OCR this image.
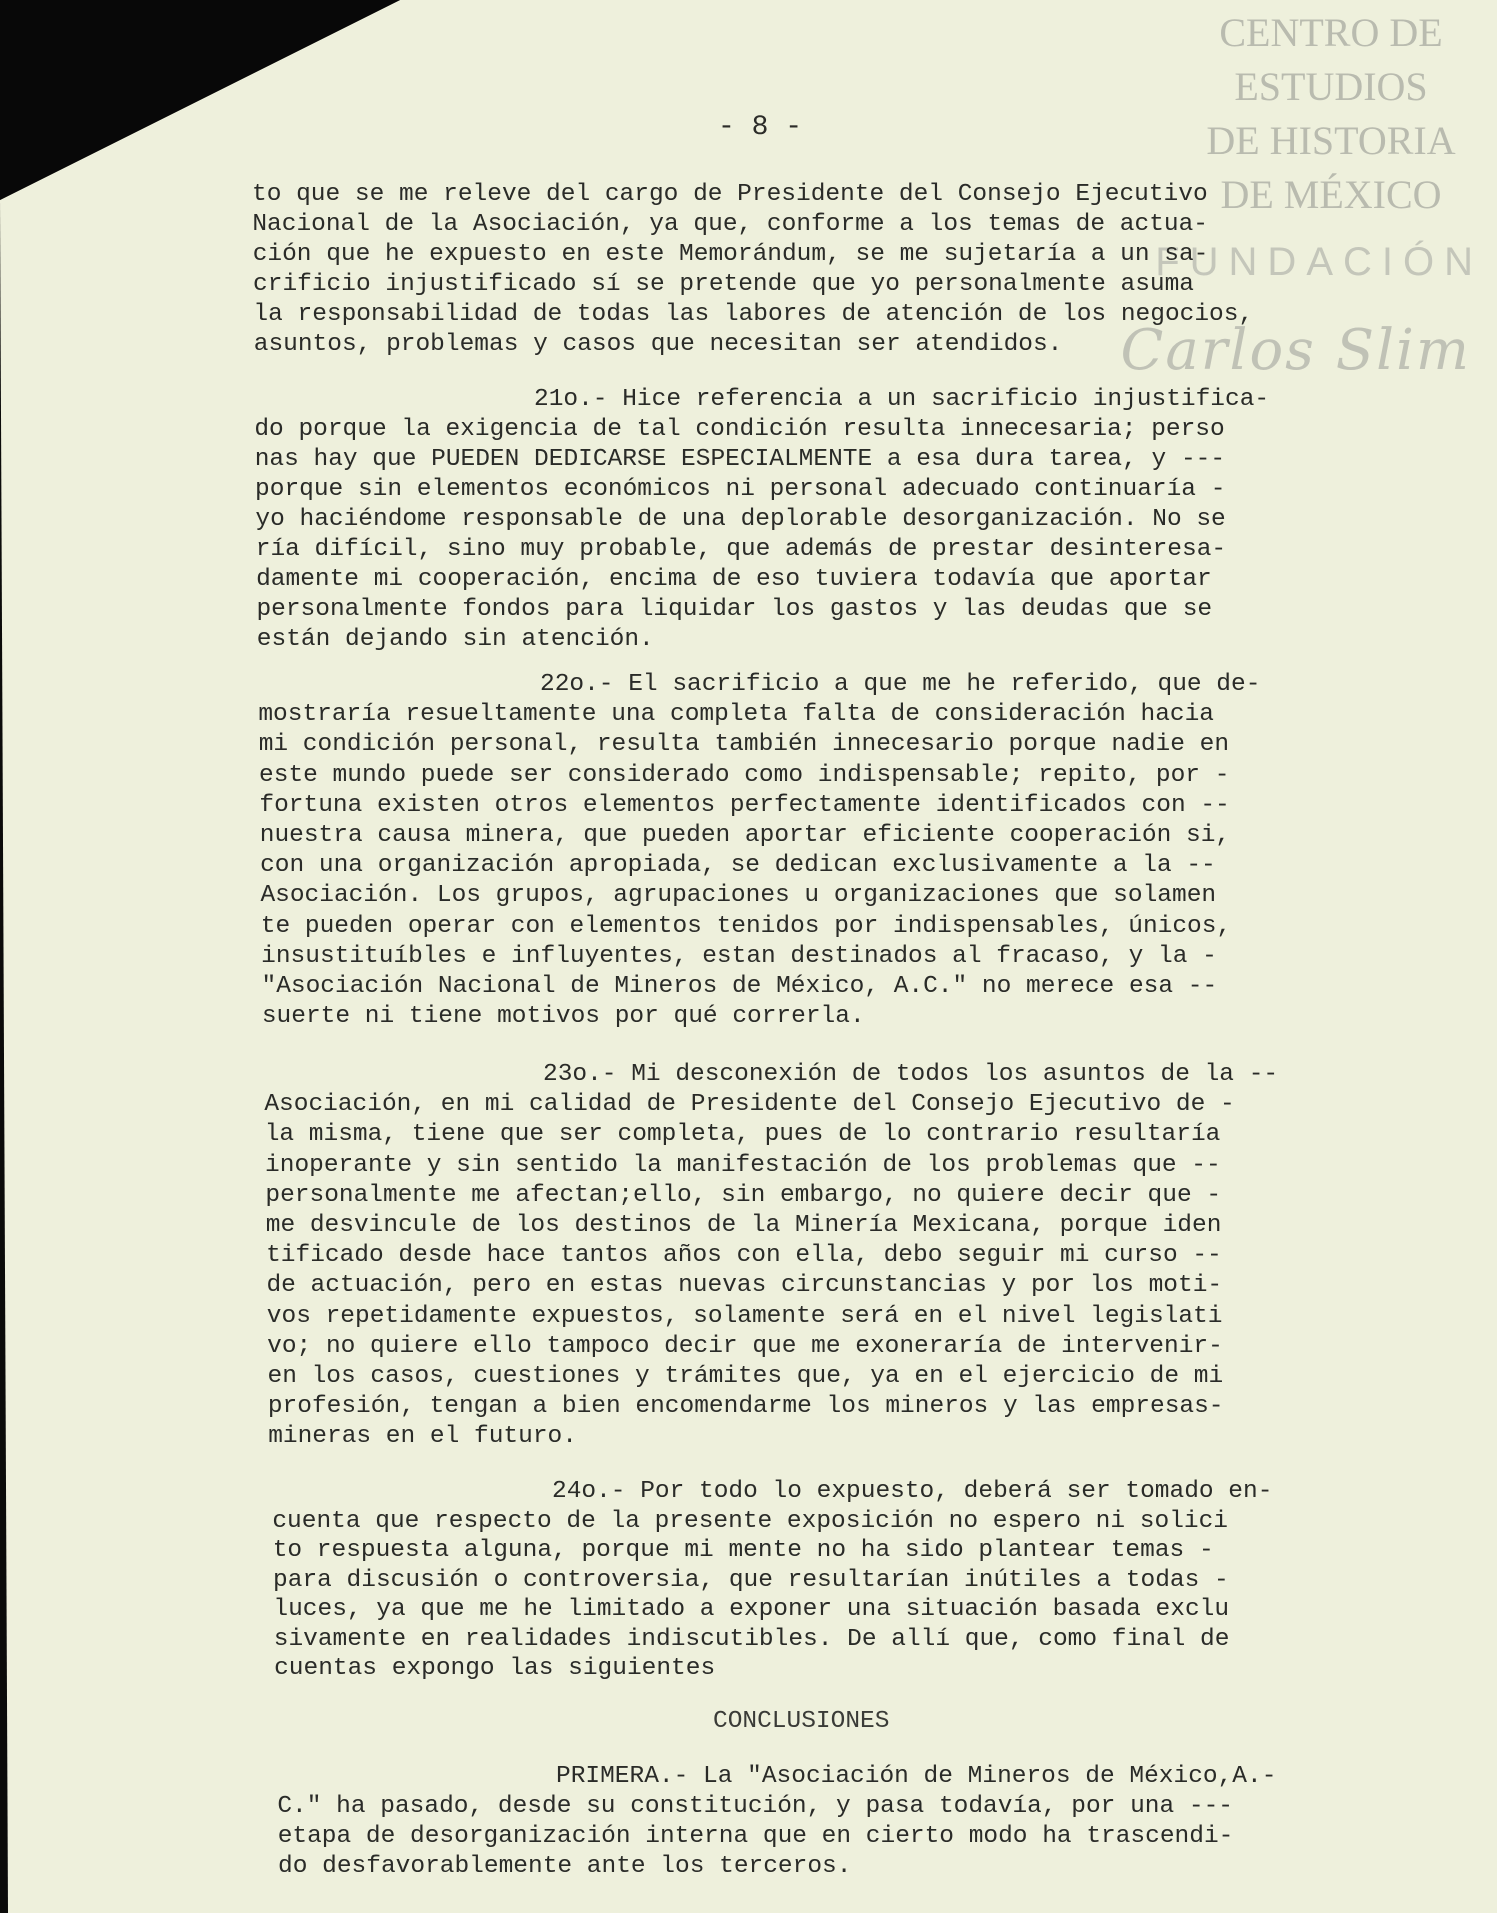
CENTRO DE
ESTUDIOS
DE HISTORIA
DE MÉXICO
FUNDACIÓN
Carlos Slim
- 8 -
to que se me releve del cargo de Presidente del Consejo Ejecutivo
Nacional de la Asociación, ya que, conforme a los temas de actua-
ción que he expuesto en este Memorándum, se me sujetaría a un sa-
crificio injustificado sí se pretende que yo personalmente asuma
la responsabilidad de todas las labores de atención de los negocios,
asuntos, problemas y casos que necesitan ser atendidos.
21o.- Hice referencia a un sacrificio injustifica-
do porque la exigencia de tal condición resulta innecesaria; perso
nas hay que PUEDEN DEDICARSE ESPECIALMENTE a esa dura tarea, y ---
porque sin elementos económicos ni personal adecuado continuaría -
yo haciéndome responsable de una deplorable desorganización. No se
ría difícil, sino muy probable, que además de prestar desinteresa-
damente mi cooperación, encima de eso tuviera todavía que aportar
personalmente fondos para liquidar los gastos y las deudas que se
están dejando sin atención.
22o.- El sacrificio a que me he referido, que de-
mostraría resueltamente una completa falta de consideración hacia
mi condición personal, resulta también innecesario porque nadie en
este mundo puede ser considerado como indispensable; repito, por -
fortuna existen otros elementos perfectamente identificados con --
nuestra causa minera, que pueden aportar eficiente cooperación si,
con una organización apropiada, se dedican exclusivamente a la --
Asociación. Los grupos, agrupaciones u organizaciones que solamen
te pueden operar con elementos tenidos por indispensables, únicos,
insustituíbles e influyentes, estan destinados al fracaso, y la -
"Asociación Nacional de Mineros de México, A.C." no merece esa --
suerte ni tiene motivos por qué correrla.
23o.- Mi desconexión de todos los asuntos de la --
Asociación, en mi calidad de Presidente del Consejo Ejecutivo de -
la misma, tiene que ser completa, pues de lo contrario resultaría
inoperante y sin sentido la manifestación de los problemas que --
personalmente me afectan;ello, sin embargo, no quiere decir que -
me desvincule de los destinos de la Minería Mexicana, porque iden
tificado desde hace tantos años con ella, debo seguir mi curso --
de actuación, pero en estas nuevas circunstancias y por los moti-
vos repetidamente expuestos, solamente será en el nivel legislati
vo; no quiere ello tampoco decir que me exoneraría de intervenir-
en los casos, cuestiones y trámites que, ya en el ejercicio de mi
profesión, tengan a bien encomendarme los mineros y las empresas-
mineras en el futuro.
24o.- Por todo lo expuesto, deberá ser tomado en-
cuenta que respecto de la presente exposición no espero ni solici
to respuesta alguna, porque mi mente no ha sido plantear temas -
para discusión o controversia, que resultarían inútiles a todas -
luces, ya que me he limitado a exponer una situación basada exclu
sivamente en realidades indiscutibles. De allí que, como final de
cuentas expongo las siguientes
PRIMERA.- La "Asociación de Mineros de México,A.-
C." ha pasado, desde su constitución, y pasa todavía, por una ---
etapa de desorganización interna que en cierto modo ha trascendi-
do desfavorablemente ante los terceros.
CONCLUSIONES
